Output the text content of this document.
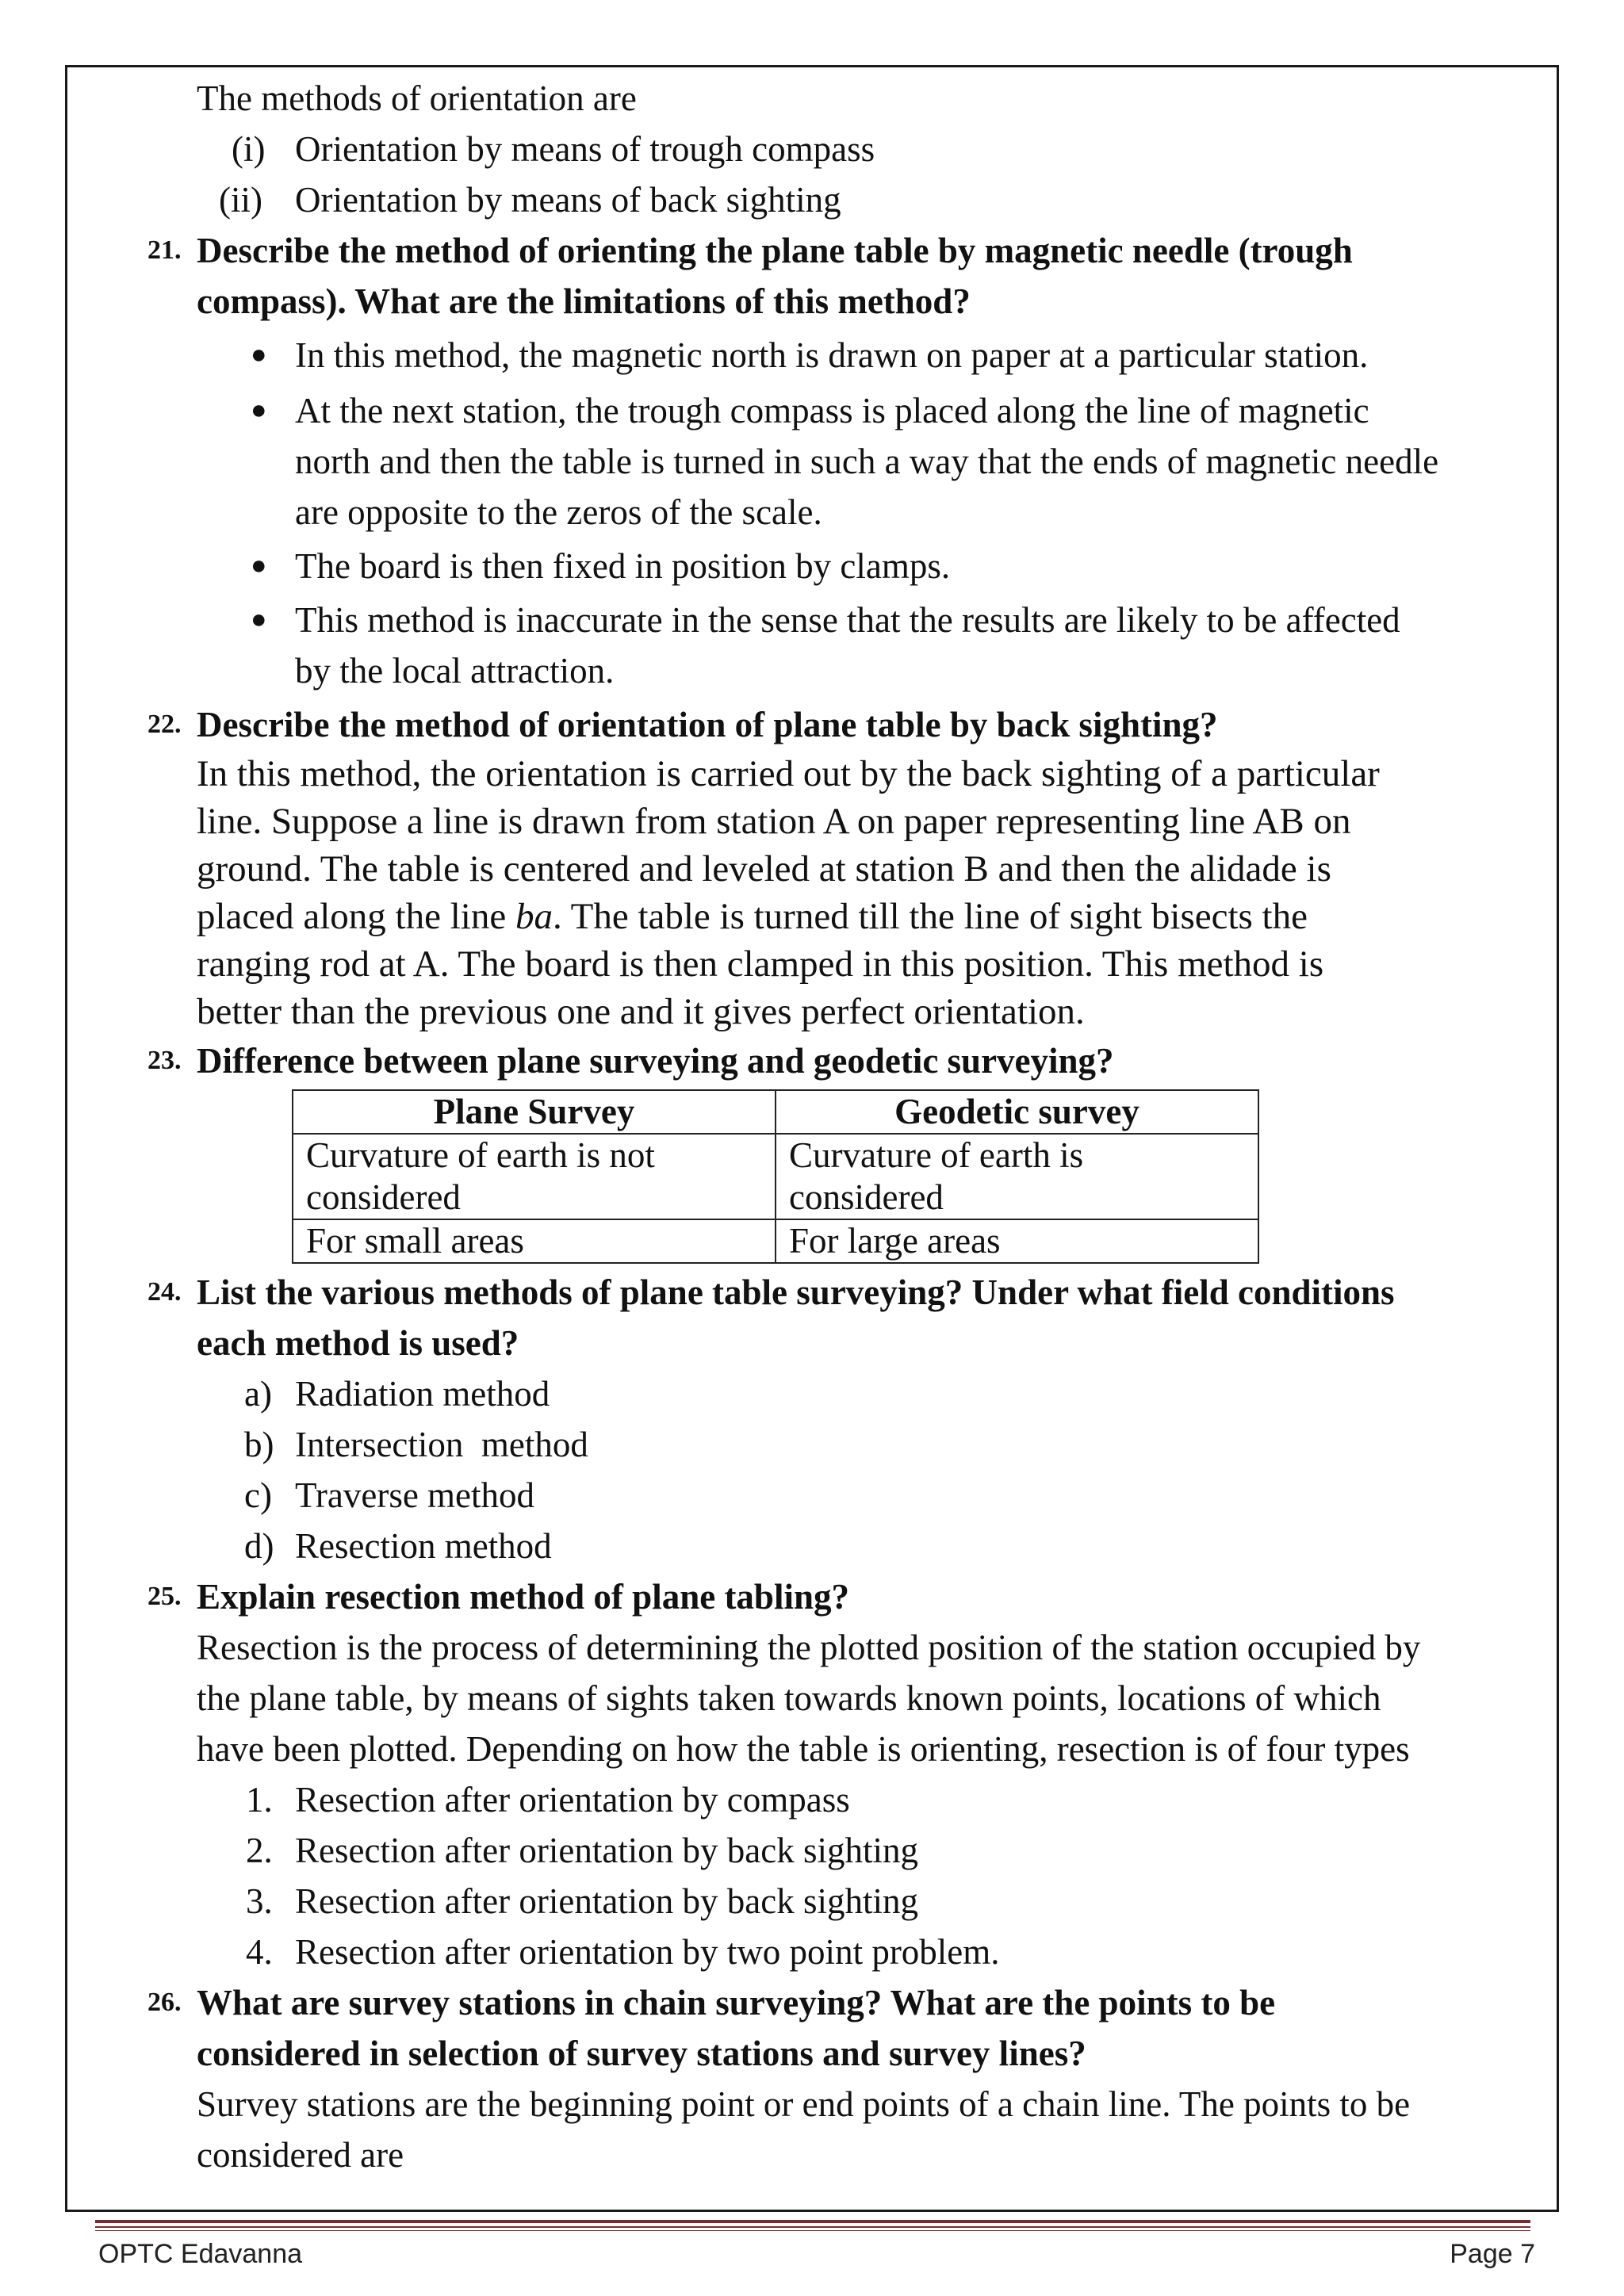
The methods of orientation are
(i) Orientation by means of trough compass
(ii) Orientation by means of back sighting
21. Describe the method of orienting the plane table by magnetic needle (trough
compass). What are the limitations of this method?
● In this method, the magnetic north is drawn on paper at a particular station.
● At the next station, the trough compass is placed along the line of magnetic
north and then the table is turned in such a way that the ends of magnetic needle
are opposite to the zeros of the scale.
● The board is then fixed in position by clamps.
● This method is inaccurate in the sense that the results are likely to be affected
by the local attraction.
22. Describe the method of orientation of plane table by back sighting?
In this method, the orientation is carried out by the back sighting of a particular
line. Suppose a line is drawn from station A on paper representing line AB on
ground. The table is centered and leveled at station B and then the alidade is
placed along the line ba. The table is turned till the line of sight bisects the
ranging rod at A. The board is then clamped in this position. This method is
better than the previous one and it gives perfect orientation.
23. Difference between plane surveying and geodetic surveying?
Plane Survey	Geodetic survey
Curvature of earth is not
considered	Curvature of earth is
considered
For small areas	For large areas
24. List the various methods of plane table surveying? Under what field conditions
each method is used?
a) Radiation method
b) Intersection  method
c) Traverse method
d) Resection method
25. Explain resection method of plane tabling?
Resection is the process of determining the plotted position of the station occupied by
the plane table, by means of sights taken towards known points, locations of which
have been plotted. Depending on how the table is orienting, resection is of four types
1. Resection after orientation by compass
2. Resection after orientation by back sighting
3. Resection after orientation by back sighting
4. Resection after orientation by two point problem.
26. What are survey stations in chain surveying? What are the points to be
considered in selection of survey stations and survey lines?
Survey stations are the beginning point or end points of a chain line. The points to be
considered are
OPTC Edavanna	Page 7
